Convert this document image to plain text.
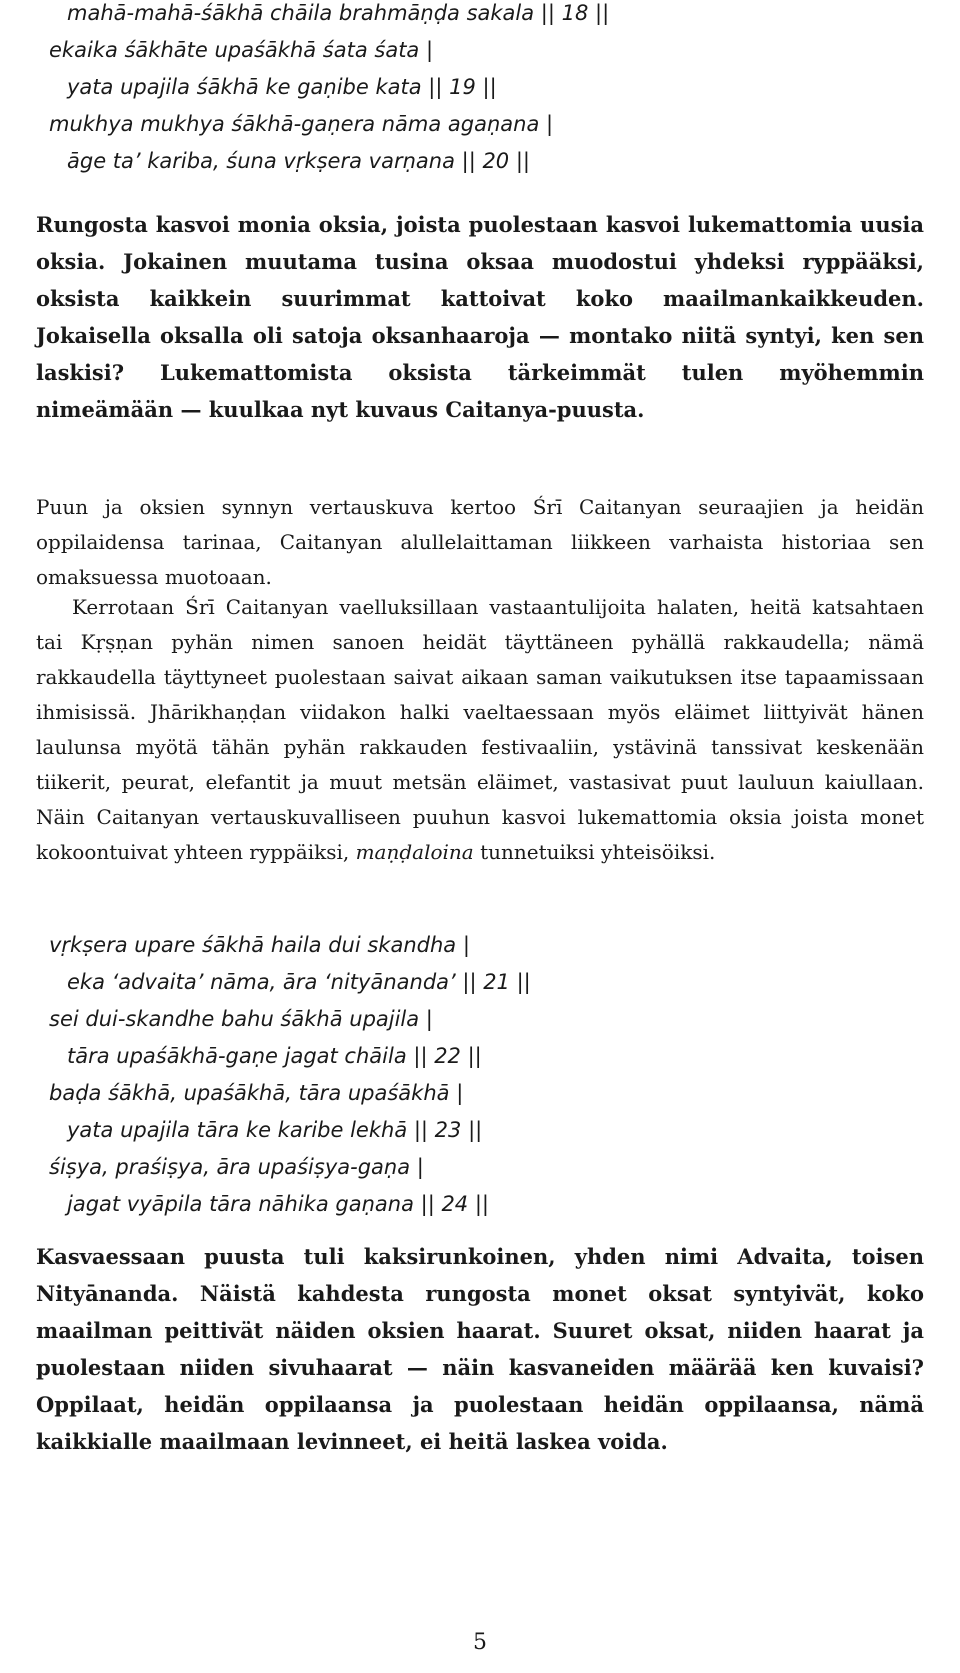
mahā-mahā-śākhā chāila brahmāṇḍa sakala || 18 ||
ekaika śākhāte upaśākhā śata śata |
yata upajila śākhā ke gaṇibe kata || 19 ||
mukhya mukhya śākhā-gaṇera nāma agaṇana |
āge ta’ kariba, śuna vṛkṣera varṇana || 20 ||

Rungosta kasvoi monia oksia, joista puolestaan kasvoi lukemattomia uusia oksia. Jokainen muutama tusina oksaa muodostui yhdeksi ryppääksi, oksista kaikkein suurimmat kattoivat koko maailmankaikkeuden. Jokaisella oksalla oli satoja oksanhaaroja — montako niitä syntyi, ken sen laskisi? Lukemattomista oksista tärkeimmät tulen myöhemmin nimeämään — kuulkaa nyt kuvaus Caitanya-puusta.

Puun ja oksien synnyn vertauskuva kertoo Śrī Caitanyan seuraajien ja heidän oppilaidensa tarinaa, Caitanyan alullelaittaman liikkeen varhaista historiaa sen omaksuessa muotoaan.

Kerrotaan Śrī Caitanyan vaelluksillaan vastaantulijoita halaten, heitä katsahtaen tai Kṛṣṇan pyhän nimen sanoen heidät täyttäneen pyhällä rakkaudella; nämä rakkaudella täyttyneet puolestaan saivat aikaan saman vaikutuksen itse tapaamissaan ihmisissä. Jhārikhaṇḍan viidakon halki vaeltaessaan myös eläimet liittyivät hänen laulunsa myötä tähän pyhän rakkauden festivaaliin, ystävinä tanssivat keskenään tiikerit, peurat, elefantit ja muut metsän eläimet, vastasivat puut lauluun kaiullaan. Näin Caitanyan vertauskuvalliseen puuhun kasvoi lukemattomia oksia joista monet kokoontuivat yhteen ryppäiksi, maṇḍaloina tunnetuiksi yhteisöiksi.

vṛkṣera upare śākhā haila dui skandha |
eka ‘advaita’ nāma, āra ‘nityānanda’ || 21 ||
sei dui-skandhe bahu śākhā upajila |
tāra upaśākhā-gaṇe jagat chāila || 22 ||
baḍa śākhā, upaśākhā, tāra upaśākhā |
yata upajila tāra ke karibe lekhā || 23 ||
śiṣya, praśiṣya, āra upaśiṣya-gaṇa |
jagat vyāpila tāra nāhika gaṇana || 24 ||

Kasvaessaan puusta tuli kaksirunkoinen, yhden nimi Advaita, toisen Nityānanda. Näistä kahdesta rungosta monet oksat syntyivät, koko maailman peittivät näiden oksien haarat. Suuret oksat, niiden haarat ja puolestaan niiden sivuhaarat — näin kasvaneiden määrää ken kuvaisi? Oppilaat, heidän oppilaansa ja puolestaan heidän oppilaansa, nämä kaikkialle maailmaan levinneet, ei heitä laskea voida.

5
